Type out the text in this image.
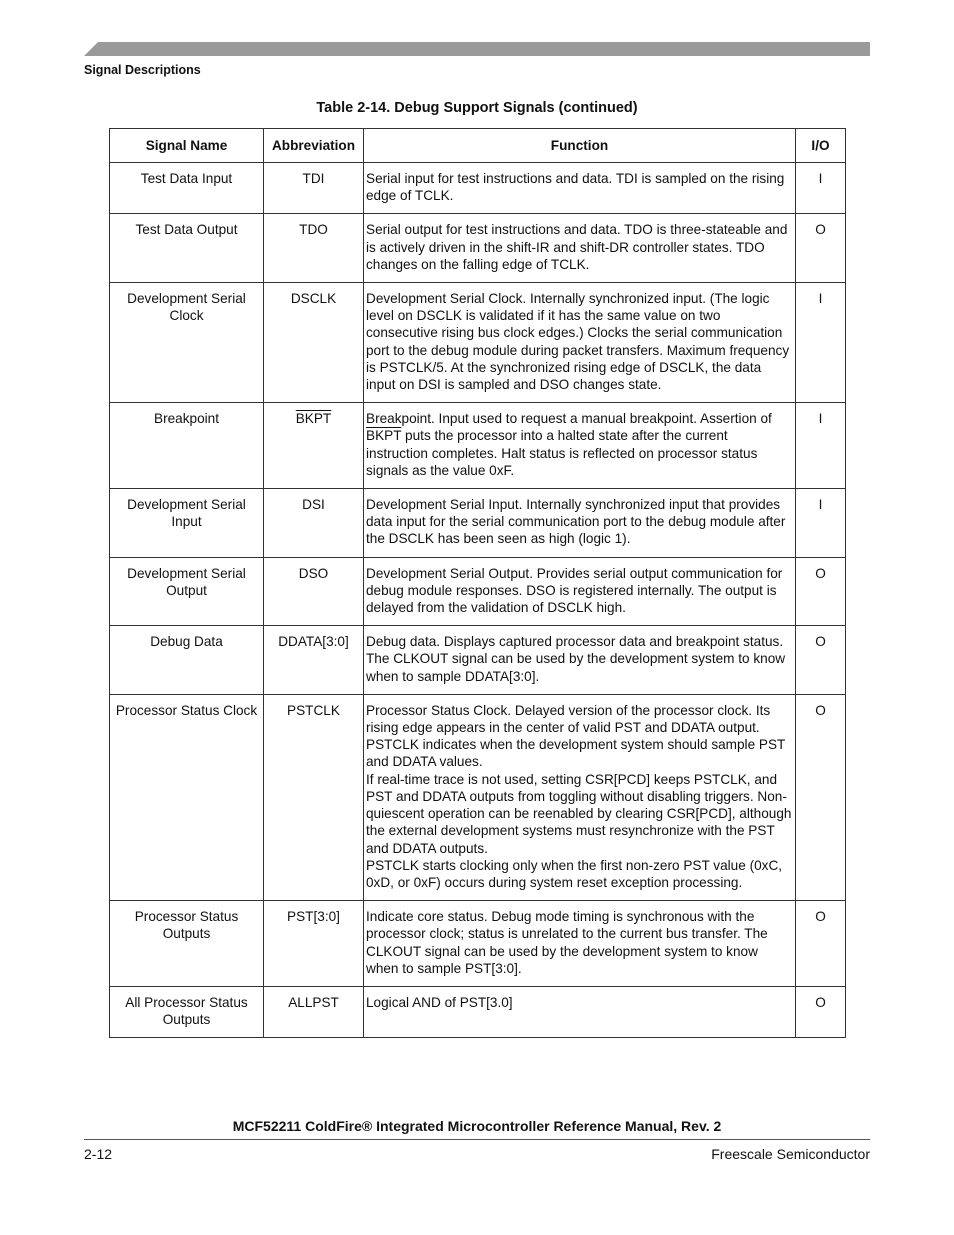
Signal Descriptions
Table 2-14. Debug Support Signals (continued)
Signal Name	Abbreviation	Function	I/O
Test Data Input	TDI	Serial input for test instructions and data. TDI is sampled on the rising edge of TCLK.	I
Test Data Output	TDO	Serial output for test instructions and data. TDO is three-stateable and is actively driven in the shift-IR and shift-DR controller states. TDO changes on the falling edge of TCLK.	O
Development Serial Clock	DSCLK	Development Serial Clock. Internally synchronized input. (The logic level on DSCLK is validated if it has the same value on two consecutive rising bus clock edges.) Clocks the serial communication port to the debug module during packet transfers. Maximum frequency is PSTCLK/5. At the synchronized rising edge of DSCLK, the data input on DSI is sampled and DSO changes state.	I
Breakpoint	BKPT	Breakpoint. Input used to request a manual breakpoint. Assertion of BKPT puts the processor into a halted state after the current instruction completes. Halt status is reflected on processor status signals as the value 0xF.	I
Development Serial Input	DSI	Development Serial Input. Internally synchronized input that provides data input for the serial communication port to the debug module after the DSCLK has been seen as high (logic 1).	I
Development Serial Output	DSO	Development Serial Output. Provides serial output communication for debug module responses. DSO is registered internally. The output is delayed from the validation of DSCLK high.	O
Debug Data	DDATA[3:0]	Debug data. Displays captured processor data and breakpoint status. The CLKOUT signal can be used by the development system to know when to sample DDATA[3:0].	O
Processor Status Clock	PSTCLK	Processor Status Clock. Delayed version of the processor clock. Its rising edge appears in the center of valid PST and DDATA output. PSTCLK indicates when the development system should sample PST and DDATA values.
If real-time trace is not used, setting CSR[PCD] keeps PSTCLK, and PST and DDATA outputs from toggling without disabling triggers. Non-quiescent operation can be reenabled by clearing CSR[PCD], although the external development systems must resynchronize with the PST and DDATA outputs.
PSTCLK starts clocking only when the first non-zero PST value (0xC, 0xD, or 0xF) occurs during system reset exception processing.	O
Processor Status Outputs	PST[3:0]	Indicate core status. Debug mode timing is synchronous with the processor clock; status is unrelated to the current bus transfer. The CLKOUT signal can be used by the development system to know when to sample PST[3:0].	O
All Processor Status Outputs	ALLPST	Logical AND of PST[3.0]	O
MCF52211 ColdFire® Integrated Microcontroller Reference Manual, Rev. 2
2-12	Freescale Semiconductor
